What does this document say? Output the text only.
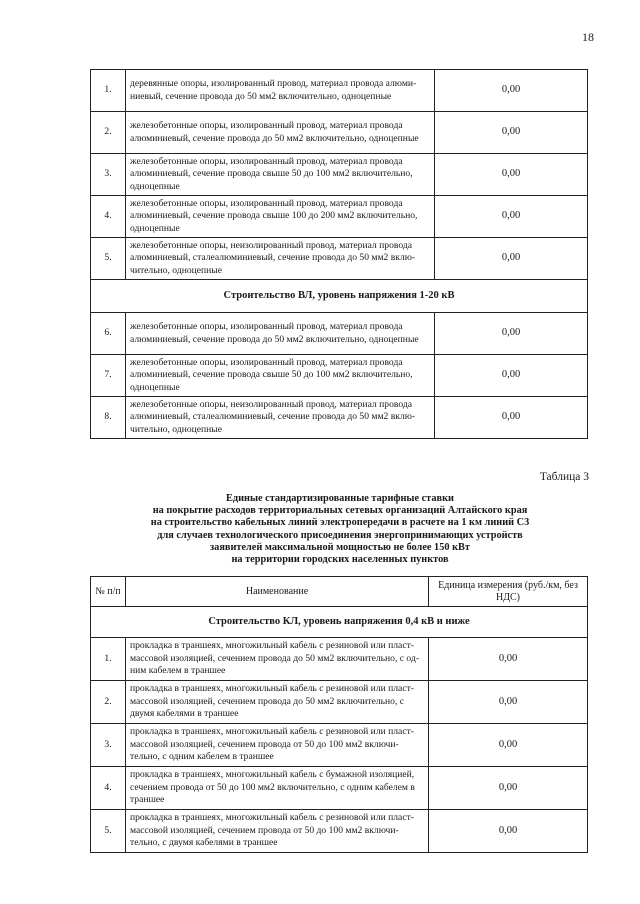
18
1.	деревянные опоры, изолированный провод, материал провода алюми-ниевый, сечение провода до 50 мм2 включительно, одноцепные	0,00
2.	железобетонные опоры, изолированный провод, материал провода алюминиевый, сечение провода до 50 мм2 включительно, одноцепные	0,00
3.	железобетонные опоры, изолированный провод, материал провода алюминиевый, сечение провода свыше 50 до 100 мм2 включительно, одноцепные	0,00
4.	железобетонные опоры, изолированный провод, материал провода алюминиевый, сечение провода свыше 100 до 200 мм2 включительно, одноцепные	0,00
5.	железобетонные опоры, неизолированный провод, материал провода алюминиевый, сталеалюминиевый, сечение провода до 50 мм2 вклю-чительно, одноцепные	0,00
Строительство ВЛ, уровень напряжения 1-20 кВ		
6.	железобетонные опоры, изолированный провод, материал провода алюминиевый, сечение провода до 50 мм2 включительно, одноцепные	0,00
7.	железобетонные опоры, изолированный провод, материал провода алюминиевый, сечение провода свыше 50 до 100 мм2 включительно, одноцепные	0,00
8.	железобетонные опоры, неизолированный провод, материал провода алюминиевый, сталеалюминиевый, сечение провода до 50 мм2 вклю-чительно, одноцепные	0,00
Таблица 3
Единые стандартизированные тарифные ставки
на покрытие расходов территориальных сетевых организаций Алтайского края
на строительство кабельных линий электропередачи в расчете на 1 км линий С3
для случаев технологического присоединения энергопринимающих устройств
заявителей максимальной мощностью не более 150 кВт
на территории городских населенных пунктов
№ п/п	Наименование	Единица измерения (руб./км, без НДС)
Строительство КЛ, уровень напряжения 0,4 кВ и ниже		
1.	прокладка в траншеях, многожильный кабель с резиновой или пласт-массовой изоляцией, сечением провода до 50 мм2 включительно, с од-ним кабелем в траншее	0,00
2.	прокладка в траншеях, многожильный кабель с резиновой или пласт-массовой изоляцией, сечением провода до 50 мм2 включительно, с двумя кабелями в траншее	0,00
3.	прокладка в траншеях, многожильный кабель с резиновой или пласт-массовой изоляцией, сечением провода от 50 до 100 мм2 включи-тельно, с одним кабелем в траншее	0,00
4.	прокладка в траншеях, многожильный кабель с бумажной изоляцией, сечением провода от 50 до 100 мм2 включительно, с одним кабелем в траншее	0,00
5.	прокладка в траншеях, многожильный кабель с резиновой или пласт-массовой изоляцией, сечением провода от 50 до 100 мм2 включи-тельно, с двумя кабелями в траншее	0,00
